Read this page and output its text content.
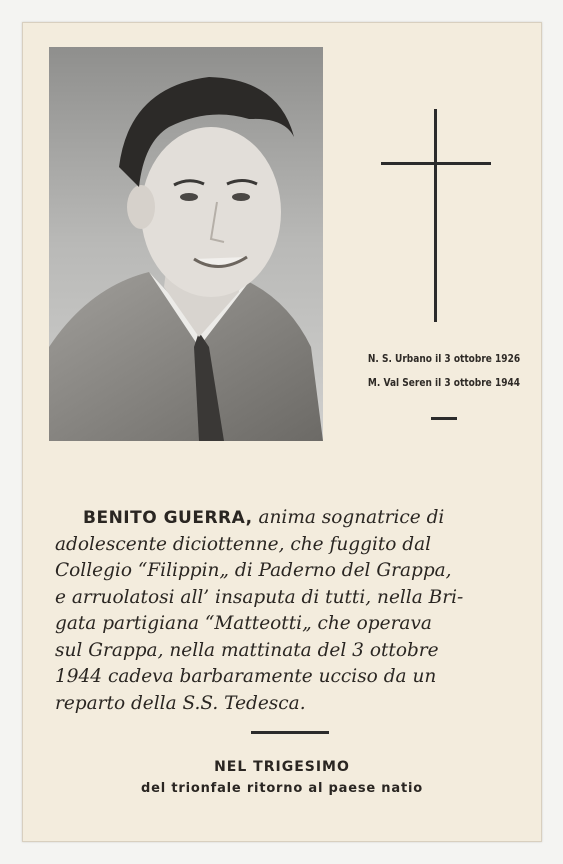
N. S. Urbano il 3 ottobre 1926
M. Val Seren il 3 ottobre 1944
BENITO GUERRA, anima sognatrice di
adolescente diciottenne, che fuggito dal
Collegio “Filippin„ di Paderno del Grappa,
e arruolatosi all’ insaputa di tutti, nella Bri-
gata partigiana “Matteotti„ che operava
sul Grappa, nella mattinata del 3 ottobre
1944 cadeva barbaramente ucciso da un
reparto della S.S. Tedesca.
NEL TRIGESIMO
del trionfale ritorno al paese natio
